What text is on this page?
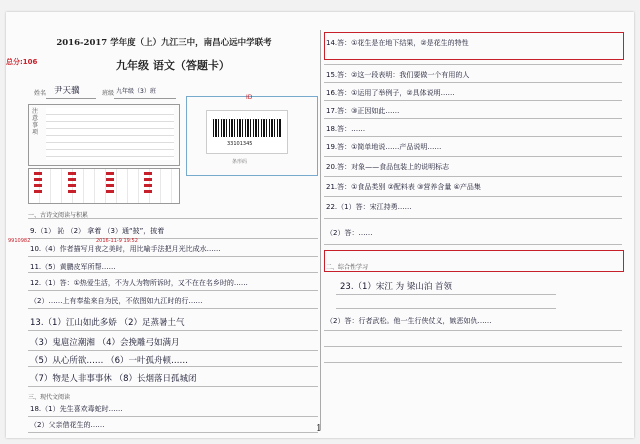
2016-2017 学年度（上）九江三中，南昌心远中学联考
九年级 语文（答题卡）
总分:106
姓名 尹天骥	班级 九年级（3）班
注意事项
ID
33101345
条形码
一、古诗文阅读与积累
9.（1） 訫 （2） 拿着 （3）通“披”，披着
10.（4）作者描写月夜之美时，用比喻手法把月光比成水……
11.（5）黄鹏皮军所帮……
12.（1）答：①热爱生活，不为人为物所诉时，又不在在名乡时的……
（2）……上有奉盐来自为民，不依图如九江时的行……
13.（1）江山如此多娇 （2）足蒸暑土气
（3）鬼扈泣潮湘 （4）会挽雕弓如满月
（5）从心所欲…… （6）一叶孤舟顿……
（7）物是人非事事休 （8）长烟落日孤城闭
三、现代文阅读
18.（1）先生喜欢毒蛇时……
（2）父亲借花生的……
9910982	2016-11-9 19:52
14.答：①花生是在地下结果，②是花生的特性
15.答：②这一段表明：我们要做一个有用的人
16.答：①运用了举例子，②具体说明……
17.答：③正因如此……
18.答：……
19.答：①简单地说……产品说明……
20.答：对象——食品包装上的说明标志
21.答：①食品类别 ②配料表 ③营养含量 ④产品集
22.（1）答：宋江持勇……
（2）答：……
二、综合性学习
23.（1）宋江 为 梁山泊 首领
（2）答：行者武松。他一生行侠仗义，嫉恶如仇……
1
